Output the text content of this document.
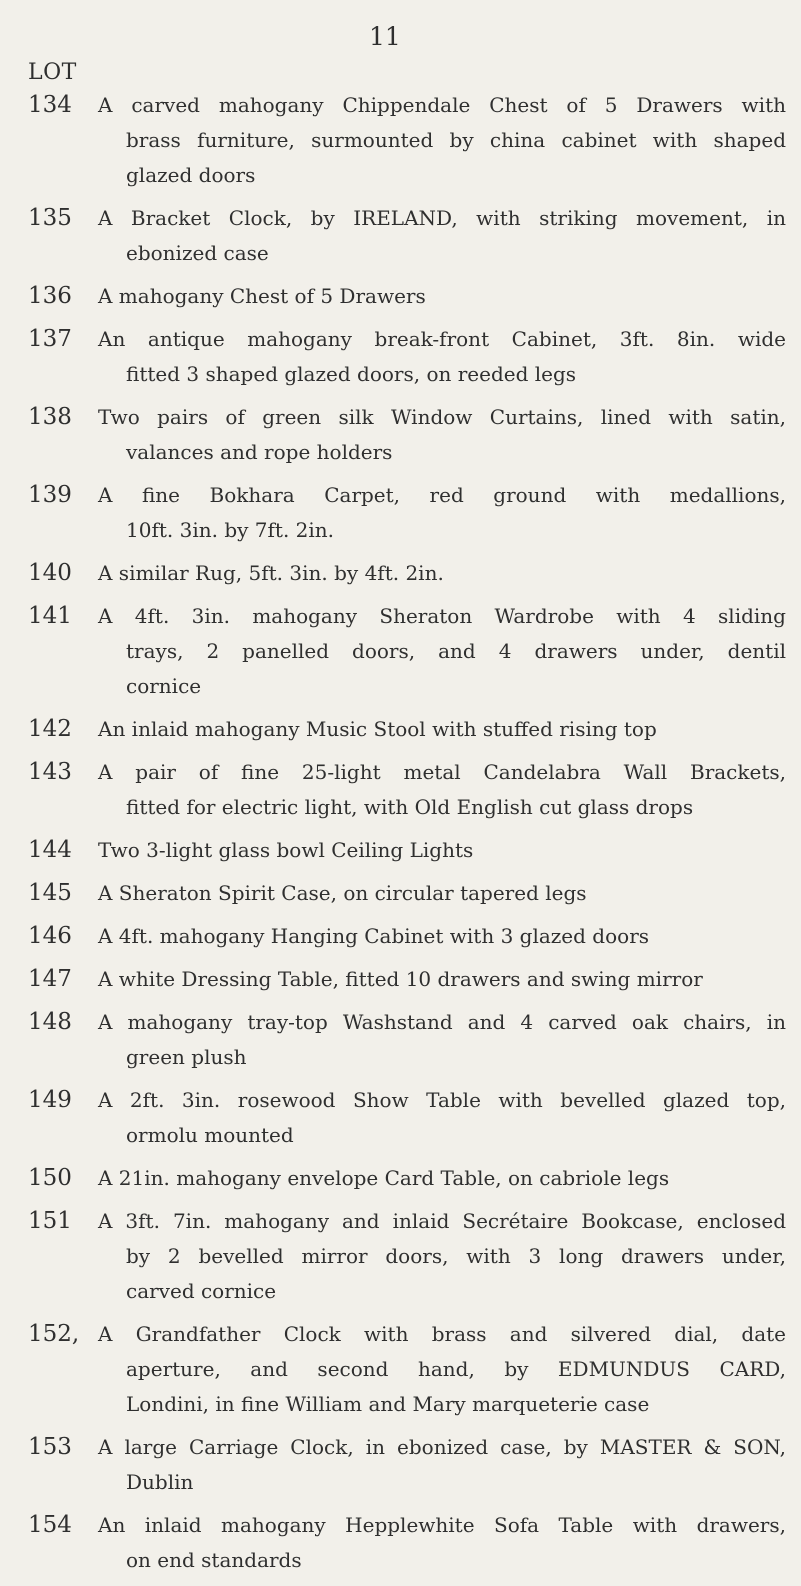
11
LOT
134	A carved mahogany Chippendale Chest of 5 Drawers with
brass furniture, surmounted by china cabinet with shaped
glazed doors
135	A Bracket Clock, by IRELAND, with striking movement, in
ebonized case
136	A mahogany Chest of 5 Drawers
137	An antique mahogany break-front Cabinet, 3ft. 8in. wide
fitted 3 shaped glazed doors, on reeded legs
138	Two pairs of green silk Window Curtains, lined with satin,
valances and rope holders
139	A fine Bokhara Carpet, red ground with medallions,
10ft. 3in. by 7ft. 2in.
140	A similar Rug, 5ft. 3in. by 4ft. 2in.
141	A 4ft. 3in. mahogany Sheraton Wardrobe with 4 sliding
trays, 2 panelled doors, and 4 drawers under, dentil
cornice
142	An inlaid mahogany Music Stool with stuffed rising top
143	A pair of fine 25-light metal Candelabra Wall Brackets,
fitted for electric light, with Old English cut glass drops
144	Two 3-light glass bowl Ceiling Lights
145	A Sheraton Spirit Case, on circular tapered legs
146	A 4ft. mahogany Hanging Cabinet with 3 glazed doors
147	A white Dressing Table, fitted 10 drawers and swing mirror
148	A mahogany tray-top Washstand and 4 carved oak chairs, in
green plush
149	A 2ft. 3in. rosewood Show Table with bevelled glazed top,
ormolu mounted
150	A 21in. mahogany envelope Card Table, on cabriole legs
151	A 3ft. 7in. mahogany and inlaid Secrétaire Bookcase, enclosed
by 2 bevelled mirror doors, with 3 long drawers under,
carved cornice
152, A Grandfather Clock with brass and silvered dial, date
aperture, and second hand, by EDMUNDUS CARD,
Londini, in fine William and Mary marqueterie case
153	A large Carriage Clock, in ebonized case, by MASTER & SON,
Dublin
154	An inlaid mahogany Hepplewhite Sofa Table with drawers,
on end standards
